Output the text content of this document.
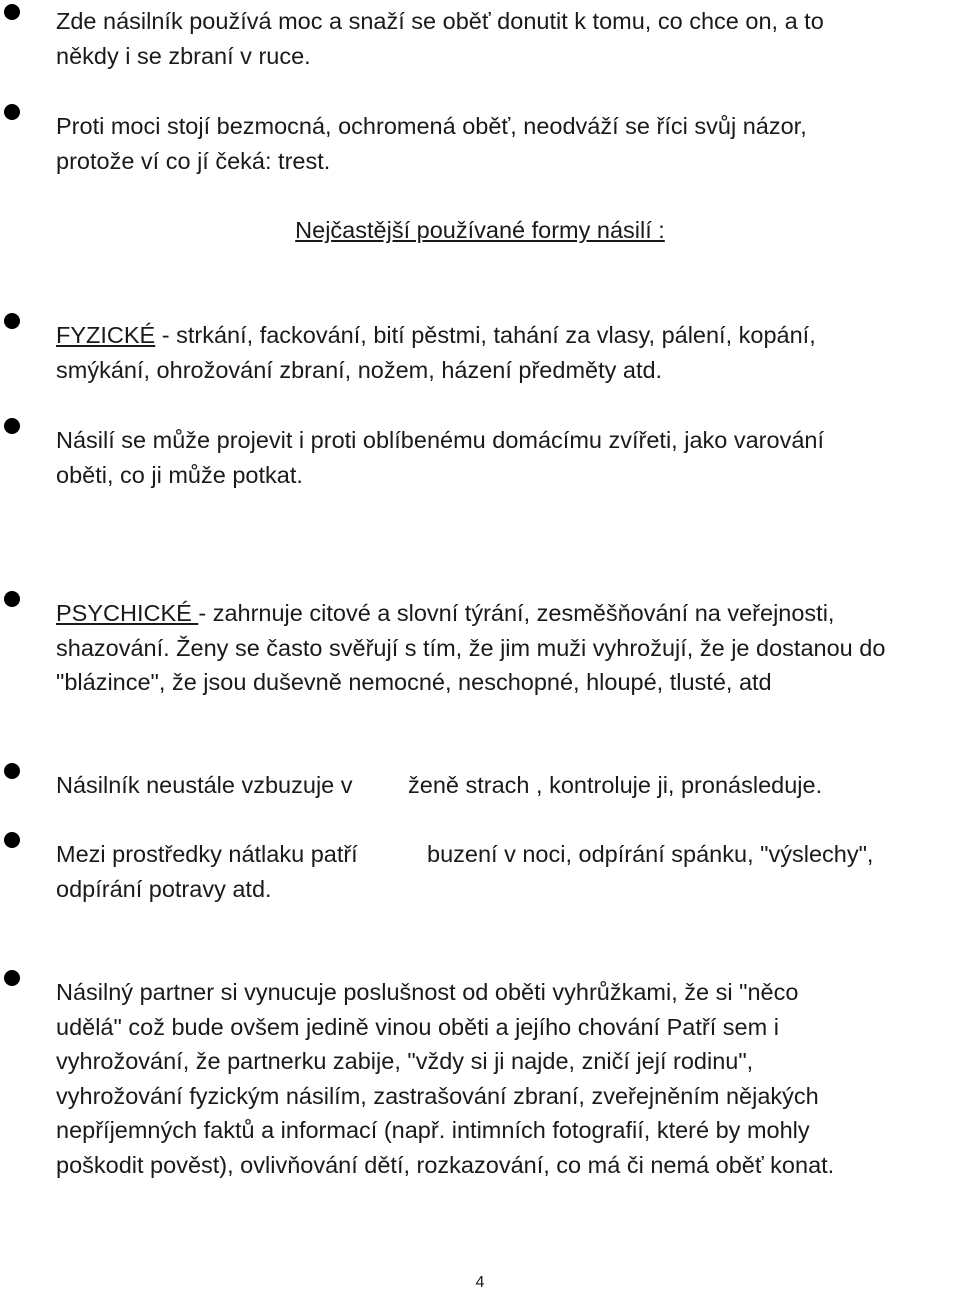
Zde násilník používá moc a snaží se oběť donutit k tomu, co chce on, a to
někdy i se zbraní v ruce.
Proti moci stojí bezmocná, ochromená oběť, neodváží se říci svůj názor,
protože ví co jí čeká: trest.
Nejčastější používané formy násilí :
FYZICKÉ - strkání, fackování, bití pěstmi, tahání za vlasy, pálení, kopání,
smýkání, ohrožování zbraní, nožem, házení předměty atd.
Násilí se může projevit i proti oblíbenému domácímu zvířeti, jako varování
oběti, co ji může potkat.
PSYCHICKÉ - zahrnuje citové a slovní týrání, zesměšňování na veřejnosti,
shazování. Ženy se často svěřují s tím, že jim muži vyhrožují, že je dostanou do
"blázince", že jsou duševně nemocné, neschopné, hloupé, tlusté, atd
Násilník neustále vzbuzuje v ženě strach , kontroluje ji, pronásleduje.
Mezi prostředky nátlaku patří	buzení v noci, odpírání spánku, "výslechy",
odpírání potravy atd.
Násilný partner si vynucuje poslušnost od oběti vyhrůžkami, že si "něco
udělá" což bude ovšem jedině vinou oběti a jejího chování Patří sem i
vyhrožování, že partnerku zabije, "vždy si ji najde, zničí její rodinu",
vyhrožování fyzickým násilím, zastrašování zbraní, zveřejněním nějakých
nepříjemných faktů a informací (např. intimních fotografií, které by mohly
poškodit pověst), ovlivňování dětí, rozkazování, co má či nemá oběť konat.
4
